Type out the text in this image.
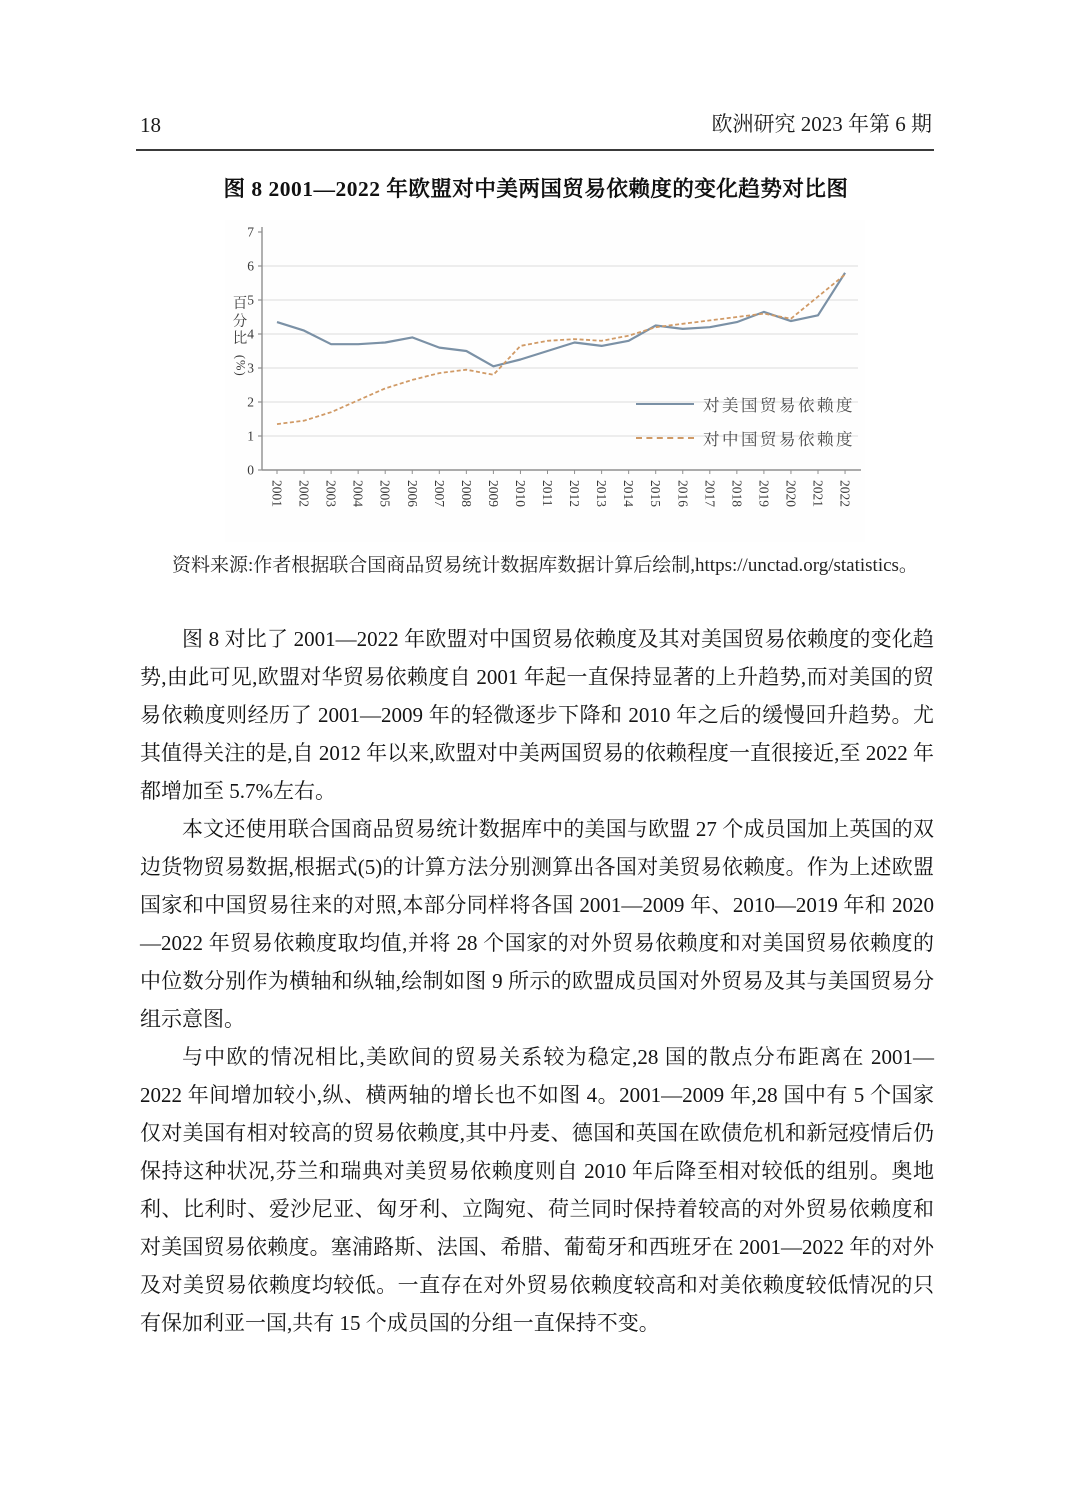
18	欧洲研究 2023 年第 6 期
图 8 2001—2022 年欧盟对中美两国贸易依赖度的变化趋势对比图
0
1
2
3
4
5
6
7
2001 2002 2003 2004 2005 2006 2007 2008 2009 2010 2011 2012 2013 2014 2015 2016 2017 2018 2019 2020 2021 2022
百
分
比
(%)
对美国贸易依赖度
对中国贸易依赖度
资料来源:作者根据联合国商品贸易统计数据库数据计算后绘制,https://unctad.org/statistics。

图 8 对比了 2001—2022 年欧盟对中国贸易依赖度及其对美国贸易依赖度的变化趋势,由此可见,欧盟对华贸易依赖度自 2001 年起一直保持显著的上升趋势,而对美国的贸易依赖度则经历了 2001—2009 年的轻微逐步下降和 2010 年之后的缓慢回升趋势。尤其值得关注的是,自 2012 年以来,欧盟对中美两国贸易的依赖程度一直很接近,至 2022 年都增加至 5.7%左右。

本文还使用联合国商品贸易统计数据库中的美国与欧盟 27 个成员国加上英国的双边货物贸易数据,根据式(5)的计算方法分别测算出各国对美贸易依赖度。作为上述欧盟国家和中国贸易往来的对照,本部分同样将各国 2001—2009 年、2010—2019 年和 2020—2022 年贸易依赖度取均值,并将 28 个国家的对外贸易依赖度和对美国贸易依赖度的中位数分别作为横轴和纵轴,绘制如图 9 所示的欧盟成员国对外贸易及其与美国贸易分组示意图。

与中欧的情况相比,美欧间的贸易关系较为稳定,28 国的散点分布距离在 2001—2022 年间增加较小,纵、横两轴的增长也不如图 4。2001—2009 年,28 国中有 5 个国家仅对美国有相对较高的贸易依赖度,其中丹麦、德国和英国在欧债危机和新冠疫情后仍保持这种状况,芬兰和瑞典对美贸易依赖度则自 2010 年后降至相对较低的组别。奥地利、比利时、爱沙尼亚、匈牙利、立陶宛、荷兰同时保持着较高的对外贸易依赖度和对美国贸易依赖度。塞浦路斯、法国、希腊、葡萄牙和西班牙在 2001—2022 年的对外及对美贸易依赖度均较低。一直存在对外贸易依赖度较高和对美依赖度较低情况的只有保加利亚一国,共有 15 个成员国的分组一直保持不变。
